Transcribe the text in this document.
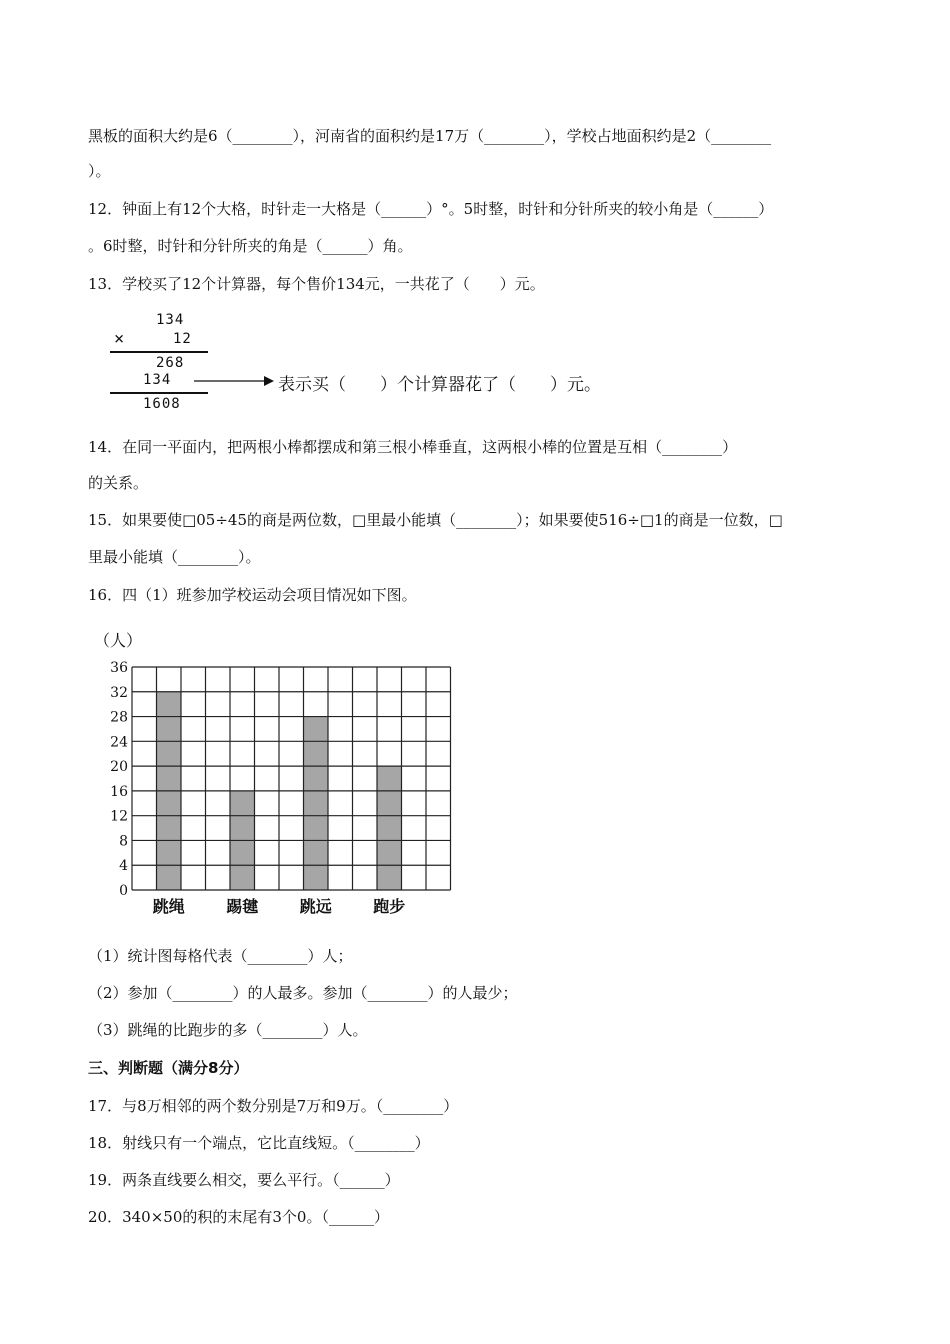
黑板的面积大约是6（________），河南省的面积约是17万（________），学校占地面积约是2（________
）。
12．钟面上有12个大格，时针走一大格是（______）°。5时整，时针和分针所夹的较小角是（______）
。6时整，时针和分针所夹的角是（______）角。
13．学校买了12个计算器，每个售价134元，一共花了（　　）元。
134
×	12
268
134	表示买（　　）个计算器花了（　　）元。
1608
14．在同一平面内，把两根小棒都摆成和第三根小棒垂直，这两根小棒的位置是互相（________）
的关系。
15．如果要使□05÷45的商是两位数，□里最小能填（________）；如果要使516÷□1的商是一位数，□
里最小能填（________）。
16．四（1）班参加学校运动会项目情况如下图。
0
4
8
12
16
20
24
28
32
36
（人）
跳绳	踢毽	跳远	跑步
（1）统计图每格代表（________）人；
（2）参加（________）的人最多。参加（________）的人最少；
（3）跳绳的比跑步的多（________）人。
三、判断题（满分8分）
17．与8万相邻的两个数分别是7万和9万。（________）
18．射线只有一个端点，它比直线短。（________）
19．两条直线要么相交，要么平行。（______）
20．340×50的积的末尾有3个0。（______）
